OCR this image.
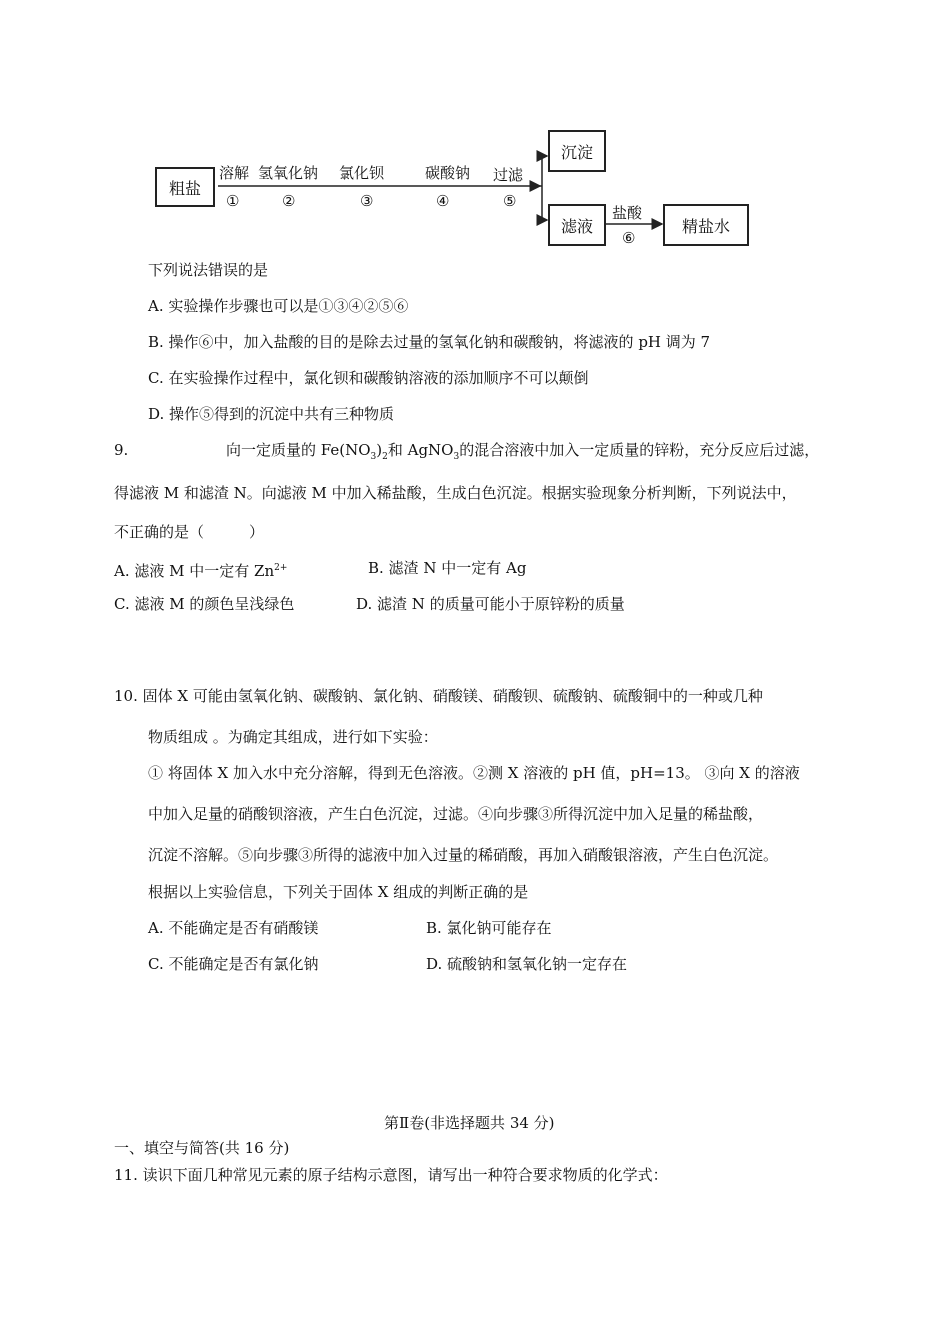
粗盐
溶解
①
氢氧化钠
②
氯化钡
③
碳酸钠
④
过滤
⑤
沉淀
滤液
盐酸
⑥
精盐水
下列说法错误的是
A. 实验操作步骤也可以是①③④②⑤⑥
B. 操作⑥中，加入盐酸的目的是除去过量的氢氧化钠和碳酸钠，将滤液的 pH 调为 7
C. 在实验操作过程中，氯化钡和碳酸钠溶液的添加顺序不可以颠倒
D. 操作⑤得到的沉淀中共有三种物质
9.	向一定质量的 $Fe(NO_3)_2$和 AgNO$_3$的混合溶液中加入一定质量的锌粉，充分反应后过滤，
得滤液 M 和滤渣 N。向滤液 M 中加入稀盐酸，生成白色沉淀。根据实验现象分析判断，下列说法中，
不正确的是（　　　）
A. 滤液 M 中一定有 $Zn^{2+}$	B. 滤渣 N 中一定有 Ag
C. 滤液 M 的颜色呈浅绿色	D. 滤渣 N 的质量可能小于原锌粉的质量
10. 固体 X 可能由氢氧化钠、碳酸钠、氯化钠、硝酸镁、硝酸钡、硫酸钠、硫酸铜中的一种或几种
物质组成 。为确定其组成，进行如下实验：
① 将固体 X 加入水中充分溶解，得到无色溶液。②测 X 溶液的 pH 值，pH=13。 ③向 X 的溶液
中加入足量的硝酸钡溶液，产生白色沉淀，过滤。④向步骤③所得沉淀中加入足量的稀盐酸，
沉淀不溶解。⑤向步骤③所得的滤液中加入过量的稀硝酸，再加入硝酸银溶液，产生白色沉淀。
根据以上实验信息，下列关于固体 X 组成的判断正确的是
A. 不能确定是否有硝酸镁	B. 氯化钠可能存在
C. 不能确定是否有氯化钠	D. 硫酸钠和氢氧化钠一定存在
第Ⅱ卷(非选择题共 34 分)
一、填空与简答(共 16 分)
11. 读识下面几种常见元素的原子结构示意图，请写出一种符合要求物质的化学式：
